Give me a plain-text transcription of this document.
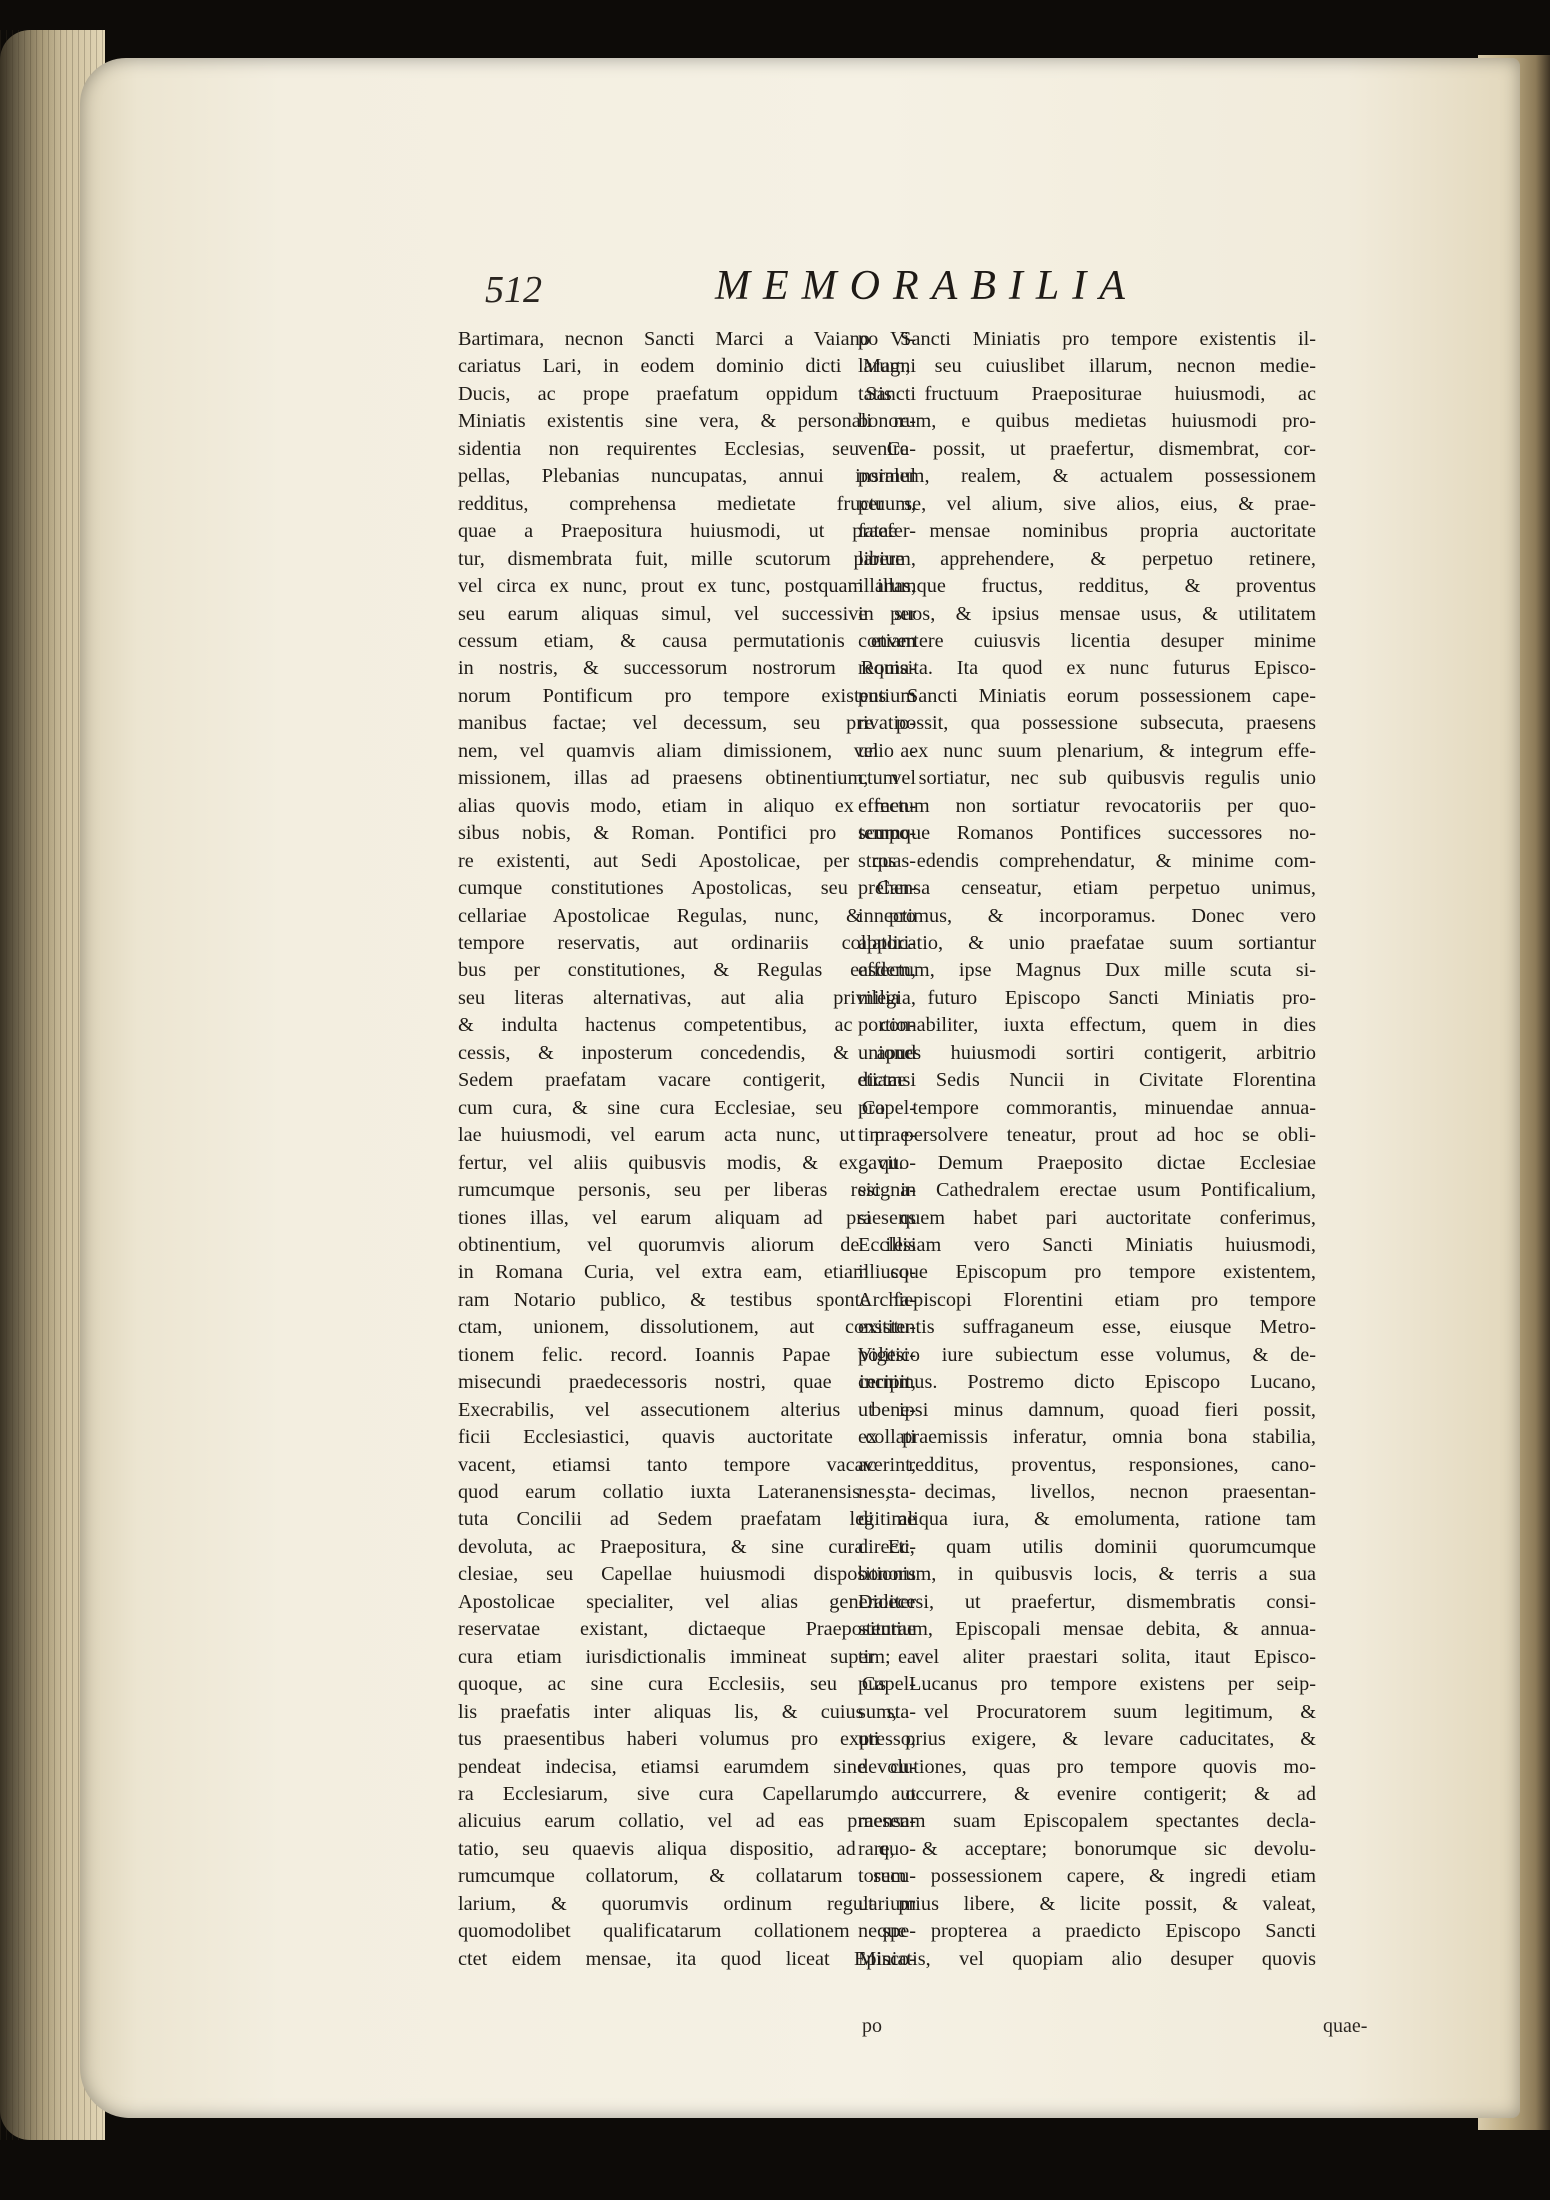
512	MEMORABILIA
Bartimara, necnon Sancti Marci a Vaiano Vi-
cariatus Lari, in eodem dominio dicti Magni
Ducis, ac prope praefatum oppidum Sancti
Miniatis existentis sine vera, & personali re-
sidentia non requirentes Ecclesias, seu Ca-
pellas, Plebanias nuncupatas, annui insimul
redditus, comprehensa medietate fructuum,
quae a Praepositura huiusmodi, ut praefer-
tur, dismembrata fuit, mille scutorum parium,
vel circa ex nunc, prout ex tunc, postquam illas,
seu earum aliquas simul, vel successive per
cessum etiam, & causa permutationis etiam
in nostris, & successorum nostrorum Roma-
norum Pontificum pro tempore existentium
manibus factae; vel decessum, seu privatio-
nem, vel quamvis aliam dimissionem, vel a-
missionem, illas ad praesens obtinentium, vel
alias quovis modo, etiam in aliquo ex men-
sibus nobis, & Roman. Pontifici pro tempo-
re existenti, aut Sedi Apostolicae, per quas-
cumque constitutiones Apostolicas, seu Can-
cellariae Apostolicae Regulas, nunc, & pro
tempore reservatis, aut ordinariis collatori-
bus per constitutiones, & Regulas easdem,
seu literas alternativas, aut alia privilegia,
& indulta hactenus competentibus, ac con-
cessis, & inposterum concedendis, & apud
Sedem praefatam vacare contigerit, etiamsi
cum cura, & sine cura Ecclesiae, seu Capel-
lae huiusmodi, vel earum acta nunc, ut prae-
fertur, vel aliis quibusvis modis, & ex quo-
rumcumque personis, seu per liberas resigna-
tiones illas, vel earum aliquam ad praesens
obtinentium, vel quorumvis aliorum de illis
in Romana Curia, vel extra eam, etiam co-
ram Notario publico, & testibus sponte fa-
ctam, unionem, dissolutionem, aut constitu-
tionem felic. record. Ioannis Papae Vigesi-
misecundi praedecessoris nostri, quae incipit,
Execrabilis, vel assecutionem alterius bene-
ficii Ecclesiastici, quavis auctoritate collati
vacent, etiamsi tanto tempore vacaverint,
quod earum collatio iuxta Lateranensis sta-
tuta Concilii ad Sedem praefatam legitime
devoluta, ac Praepositura, & sine cura Ec-
clesiae, seu Capellae huiusmodi dispositionis
Apostolicae specialiter, vel alias generaliter
reservatae existant, dictaeque Praepositurae
cura etiam iurisdictionalis immineat super ea
quoque, ac sine cura Ecclesiis, seu Capel-
lis praefatis inter aliquas lis, & cuius sta-
tus praesentibus haberi volumus pro expresso,
pendeat indecisa, etiamsi earumdem sine cu-
ra Ecclesiarum, sive cura Capellarum, aut
alicuius earum collatio, vel ad eas praesen-
tatio, seu quaevis aliqua dispositio, ad quo-
rumcumque collatorum, & collatarum secu-
larium, & quorumvis ordinum regularium
quomodolibet qualificatarum collationem spe-
ctet eidem mensae, ita quod liceat Episco-
po Sancti Miniatis pro tempore existentis il-
larum, seu cuiuslibet illarum, necnon medie-
tatis fructuum Praepositurae huiusmodi, ac
bonorum, e quibus medietas huiusmodi pro-
venire possit, ut praefertur, dismembrat, cor-
poralem, realem, & actualem possessionem
per se, vel alium, sive alios, eius, & prae-
fatae mensae nominibus propria auctoritate
libere apprehendere, & perpetuo retinere,
illarumque fructus, redditus, & proventus
in suos, & ipsius mensae usus, & utilitatem
convertere cuiusvis licentia desuper minime
requisita. Ita quod ex nunc futurus Episco-
pus Sancti Miniatis eorum possessionem cape-
re possit, qua possessione subsecuta, praesens
unio ex nunc suum plenarium, & integrum effe-
ctum sortiatur, nec sub quibusvis regulis unio
effectum non sortiatur revocatoriis per quo-
scumque Romanos Pontifices successores no-
stros edendis comprehendatur, & minime com-
prehensa censeatur, etiam perpetuo unimus,
innectimus, & incorporamus. Donec vero
applicatio, & unio praefatae suum sortiantur
effectum, ipse Magnus Dux mille scuta si-
milia futuro Episcopo Sancti Miniatis pro-
portionabiliter, iuxta effectum, quem in dies
uniones huiusmodi sortiri contigerit, arbitrio
dictae Sedis Nuncii in Civitate Florentina
pro tempore commorantis, minuendae annua-
tim persolvere teneatur, prout ad hoc se obli-
gavit. Demum Praeposito dictae Ecclesiae
sic in Cathedralem erectae usum Pontificalium,
si quem habet pari auctoritate conferimus,
Ecclesiam vero Sancti Miniatis huiusmodi,
illiusque Episcopum pro tempore existentem,
Archiepiscopi Florentini etiam pro tempore
existentis suffraganeum esse, eiusque Metro-
politico iure subiectum esse volumus, & de-
cernimus. Postremo dicto Episcopo Lucano,
ut ipsi minus damnum, quoad fieri possit,
ex praemissis inferatur, omnia bona stabilia,
ac redditus, proventus, responsiones, cano-
nes, decimas, livellos, necnon praesentan-
di aliqua iura, & emolumenta, ratione tam
directi, quam utilis dominii quorumcumque
bonorum, in quibusvis locis, & terris a sua
Dioecesi, ut praefertur, dismembratis consi-
stentium, Episcopali mensae debita, & annua-
tim; vel aliter praestari solita, itaut Episco-
pus Lucanus pro tempore existens per seip-
sum, vel Procuratorem suum legitimum, &
uti prius exigere, & levare caducitates, &
devolutiones, quas pro tempore quovis mo-
do occurrere, & evenire contigerit; & ad
mensam suam Episcopalem spectantes decla-
rare, & acceptare; bonorumque sic devolu-
torum possessionem capere, & ingredi etiam
ut prius libere, & licite possit, & valeat,
neque propterea a praedicto Episcopo Sancti
Miniatis, vel quopiam alio desuper quovis
po	quae-
